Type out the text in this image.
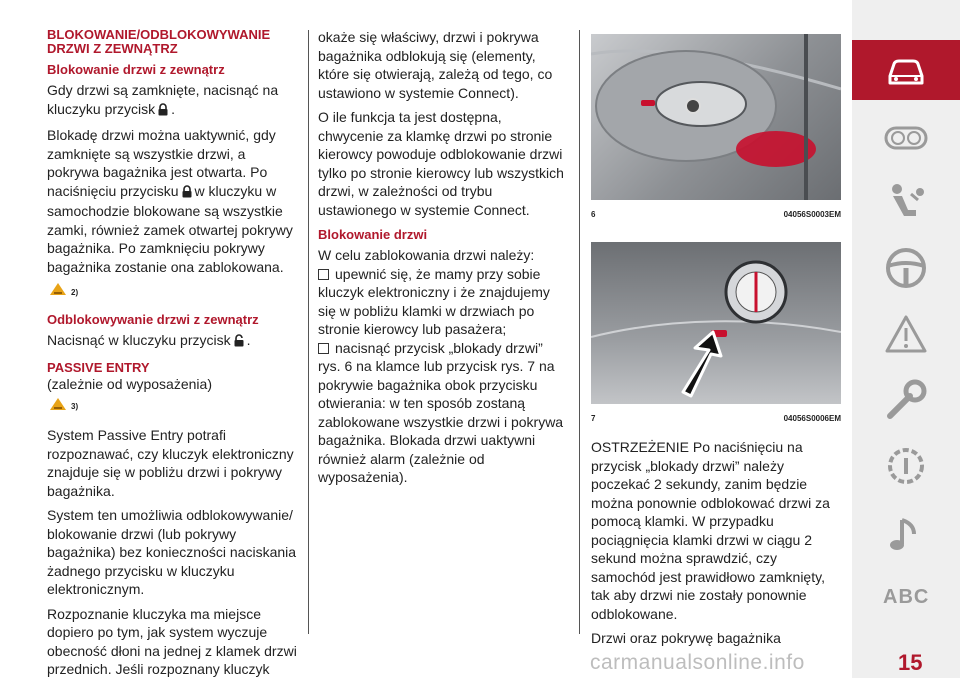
BLOKOWANIE/ODBLOKOWYWANIE DRZWI Z ZEWNĄTRZ
Blokowanie drzwi z zewnątrz

Gdy drzwi są zamknięte, nacisnąć na kluczyku przycisk .

Blokadę drzwi można uaktywnić, gdy zamknięte są wszystkie drzwi, a pokrywa bagażnika jest otwarta. Po naciśnięciu przycisku w kluczyku w samochodzie blokowane są wszystkie zamki, również zamek otwartej pokrywy bagażnika. Po zamknięciu pokrywy bagażnika zostanie ona zablokowana.

2)
Odblokowywanie drzwi z zewnątrz

Nacisnąć w kluczyku przycisk .

PASSIVE ENTRY

(zależnie od wyposażenia)

3)

System Passive Entry potrafi rozpoznawać, czy kluczyk elektroniczny znajduje się w pobliżu drzwi i pokrywy bagażnika.

System ten umożliwia odblokowywanie/ blokowanie drzwi (lub pokrywy bagażnika) bez konieczności naciskania żadnego przycisku w kluczyku elektronicznym.

Rozpoznanie kluczyka ma miejsce dopiero po tym, jak system wyczuje obecność dłoni na jednej z klamek drzwi przednich. Jeśli rozpoznany kluczyk

okaże się właściwy, drzwi i pokrywa bagażnika odblokują się (elementy, które się otwierają, zależą od tego, co ustawiono w systemie Connect).

O ile funkcja ta jest dostępna, chwycenie za klamkę drzwi po stronie kierowcy powoduje odblokowanie drzwi tylko po stronie kierowcy lub wszystkich drzwi, w zależności od trybu ustawionego w systemie Connect.

Blokowanie drzwi

W celu zablokowania drzwi należy:

upewnić się, że mamy przy sobie kluczyk elektroniczny i że znajdujemy się w pobliżu klamki w drzwiach po stronie kierowcy lub pasażera;

nacisnąć przycisk „blokady drzwi” rys. 6 na klamce lub przycisk rys. 7 na pokrywie bagażnika obok przycisku otwierania: w ten sposób zostaną zablokowane wszystkie drzwi i pokrywa bagażnika. Blokada drzwi uaktywni również alarm (zależnie od wyposażenia).

6	04056S0003EM
7	04056S0006EM

OSTRZEŻENIE Po naciśnięciu na przycisk „blokady drzwi” należy poczekać 2 sekundy, zanim będzie można ponownie odblokować drzwi za pomocą klamki. W przypadku pociągnięcia klamki drzwi w ciągu 2 sekund można sprawdzić, czy samochód jest prawidłowo zamknięty, tak aby drzwi nie zostały ponownie odblokowane.

Drzwi oraz pokrywę bagażnika

ABC
15
carmanualsonline.info
